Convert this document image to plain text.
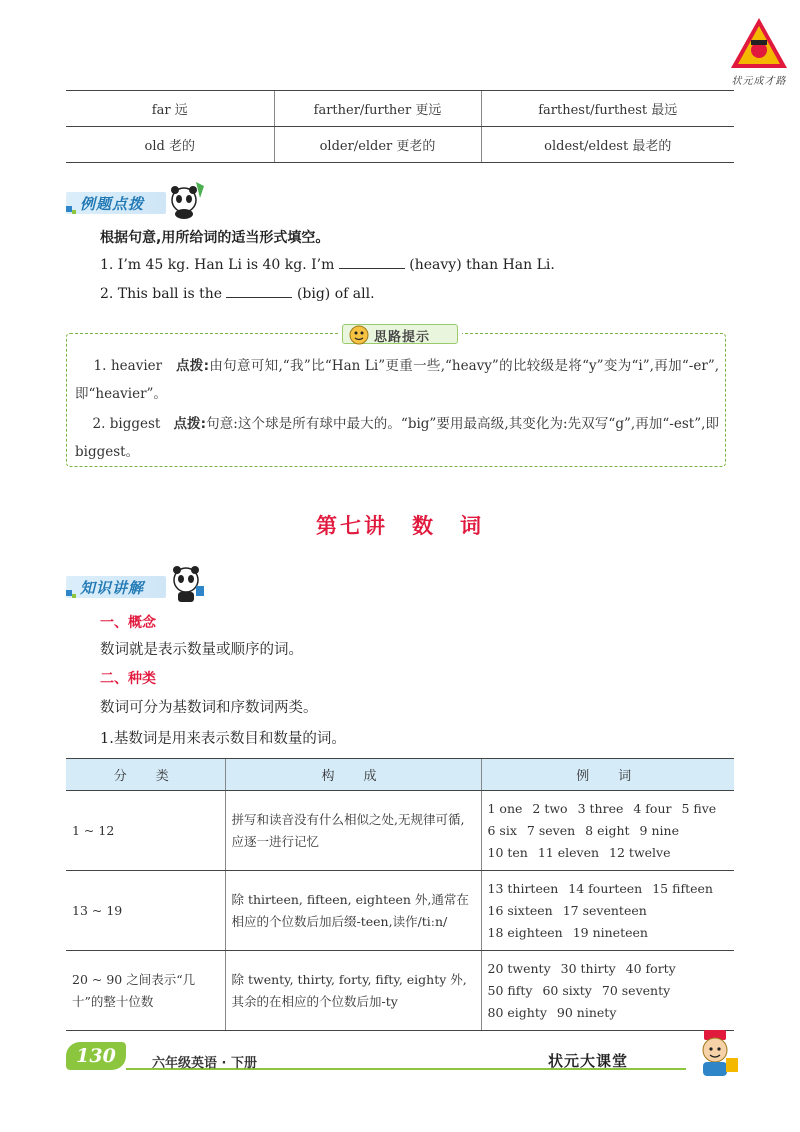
状元成才路
far 远	farther/further 更远	farthest/furthest 最远
old 老的	older/elder 更老的	oldest/eldest 最老的
例题点拨
根据句意,用所给词的适当形式填空。
1. I’m 45 kg. Han Li is 40 kg. I’m	(heavy) than Han Li.
2. This ball is the	(big) of all.
思路提示

1. heavier 点拨:由句意可知,“我”比“Han Li”更重一些,“heavy”的比较级是将“y”变为“i”,再加“-er”,即“heavier”。

2. biggest 点拨:句意:这个球是所有球中最大的。“big”要用最高级,其变化为:先双写“g”,再加“-est”,即 biggest。

第七讲　数　词
知识讲解
一、概念
数词就是表示数量或顺序的词。
二、种类
数词可分为基数词和序数词两类。
1.基数词是用来表示数目和数量的词。
分　类	构　成	例　词
1 ~ 12	拼写和读音没有什么相似之处,无规律可循,应逐一进行记忆	1 one 2 two 3 three 4 four 5 five6 six 7 seven 8 eight 9 nine10 ten 11 eleven 12 twelve
13 ~ 19	除 thirteen, fifteen, eighteen 外,通常在相应的个位数后加后缀-teen,读作/tiːn/	13 thirteen 14 fourteen 15 fifteen16 sixteen 17 seventeen18 eighteen 19 nineteen
20 ~ 90 之间表示“几十”的整十位数	除 twenty, thirty, forty, fifty, eighty 外,其余的在相应的个位数后加-ty	20 twenty 30 thirty 40 forty50 fifty 60 sixty 70 seventy80 eighty 90 ninety
130	六年级英语 · 下册	状元大课堂
